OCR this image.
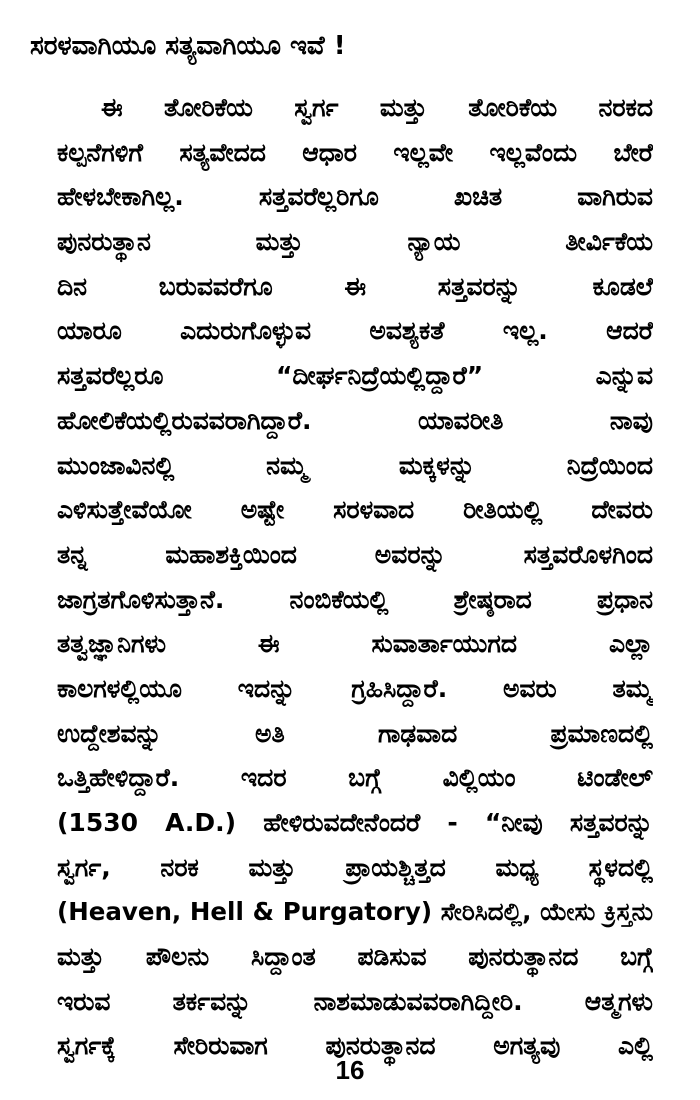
ಸರಳವಾಗಿಯೂ ಸತ್ಯವಾಗಿಯೂ ಇವೆ !
ಈ ತೋರಿಕೆಯ ಸ್ವರ್ಗ ಮತ್ತು ತೋರಿಕೆಯ ನರಕದ
ಕಲ್ಪನೆಗಳಿಗೆ ಸತ್ಯವೇದದ ಆಧಾರ ಇಲ್ಲವೇ ಇಲ್ಲವೆಂದು ಬೇರೆ
ಹೇಳಬೇಕಾಗಿಲ್ಲ. ಸತ್ತವರೆಲ್ಲರಿಗೂ ಖಚಿತ ವಾಗಿರುವ
ಪುನರುತ್ಥಾನ ಮತ್ತು ನ್ಯಾಯ ತೀರ್ವಿಕೆಯ
ದಿನ ಬರುವವರೆಗೂ ಈ ಸತ್ತವರನ್ನು ಕೂಡಲೆ
ಯಾರೂ ಎದುರುಗೊಳ್ಳುವ ಅವಶ್ಯಕತೆ ಇಲ್ಲ. ಆದರೆ
ಸತ್ತವರೆಲ್ಲರೂ “ದೀರ್ಘನಿದ್ರೆಯಲ್ಲಿದ್ದಾರೆ” ಎನ್ನುವ
ಹೋಲಿಕೆಯಲ್ಲಿರುವವರಾಗಿದ್ದಾರೆ. ಯಾವರೀತಿ ನಾವು
ಮುಂಜಾವಿನಲ್ಲಿ ನಮ್ಮ ಮಕ್ಕಳನ್ನು ನಿದ್ರೆಯಿಂದ
ಎಳಿಸುತ್ತೇವೆಯೋ ಅಷ್ಟೇ ಸರಳವಾದ ರೀತಿಯಲ್ಲಿ ದೇವರು
ತನ್ನ ಮಹಾಶಕ್ತಿಯಿಂದ ಅವರನ್ನು ಸತ್ತವರೊಳಗಿಂದ
ಜಾಗ್ರತಗೊಳಿಸುತ್ತಾನೆ. ನಂಬಿಕೆಯಲ್ಲಿ ಶ್ರೇಷ್ಠರಾದ ಪ್ರಧಾನ
ತತ್ವಜ್ಞಾನಿಗಳು ಈ ಸುವಾರ್ತಾಯುಗದ ಎಲ್ಲಾ
ಕಾಲಗಳಲ್ಲಿಯೂ ಇದನ್ನು ಗ್ರಹಿಸಿದ್ದಾರೆ. ಅವರು ತಮ್ಮ
ಉದ್ದೇಶವನ್ನು ಅತಿ ಗಾಢವಾದ ಪ್ರಮಾಣದಲ್ಲಿ
ಒತ್ತಿಹೇಳಿದ್ದಾರೆ. ಇದರ ಬಗ್ಗೆ ವಿಲ್ಲಿಯಂ ಟಿಂಡೇಲ್
(1530 A.D.) ಹೇಳಿರುವದೇನೆಂದರೆ - “ನೀವು ಸತ್ತವರನ್ನು
ಸ್ವರ್ಗ, ನರಕ ಮತ್ತು ಪ್ರಾಯಶ್ಚಿತ್ತದ ಮಧ್ಯ ಸ್ಥಳದಲ್ಲಿ
(Heaven, Hell & Purgatory) ಸೇರಿಸಿದಲ್ಲಿ, ಯೇಸು ಕ್ರಿಸ್ತನು
ಮತ್ತು ಪೌಲನು ಸಿದ್ದಾಂತ ಪಡಿಸುವ ಪುನರುತ್ಥಾನದ ಬಗ್ಗೆ
ಇರುವ ತರ್ಕವನ್ನು ನಾಶಮಾಡುವವರಾಗಿದ್ದೀರಿ. ಆತ್ಮಗಳು
ಸ್ವರ್ಗಕ್ಕೆ ಸೇರಿರುವಾಗ ಪುನರುತ್ಥಾನದ ಅಗತ್ಯವು ಎಲ್ಲಿ
16
